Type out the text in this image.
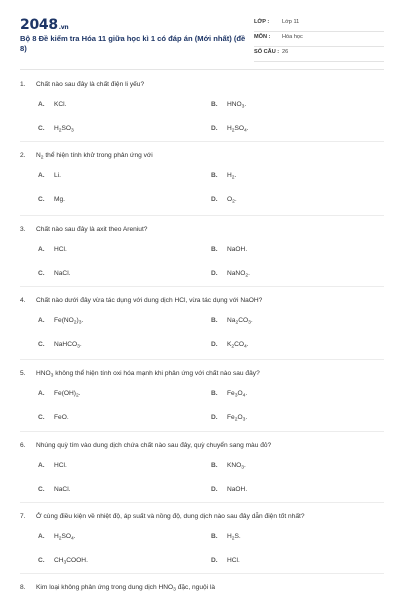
2048.vn
Bộ 8 Đề kiểm tra Hóa 11 giữa học kì 1 có đáp án (Mới nhất) (đề 8)
LỚP : Lớp 11
MÔN : Hóa học
SỐ CÂU : 26
1. Chất nào sau đây là chất điện li yếu?
A. KCl.	B. $HNO_3$.
C. $H_2SO_3$	D. $H_2SO_4$.
2. $N_2$ thể hiện tính khử trong phản ứng với
A. Li.	B. $H_2$.
C. Mg.	D. $O_2$.
3. Chất nào sau đây là axit theo Areniut?
A. HCl.	B. NaOH.
C. NaCl.	D. NaNO$_2$.
4. Chất nào dưới đây vừa tác dụng với dung dịch HCl, vừa tác dụng với NaOH?
A. $Fe(NO_2)_3$.	B. $Na_2CO_3$.
C. NaHCO$_3$.	D. $K_2CO_4$.
5. $HNO_3$ không thể hiện tính oxi hóa mạnh khi phản ứng với chất nào sau đây?
A. $Fe(OH)_2$.	B. $Fe_3O_4$.
C. FeO.	D. $Fe_2O_3$.
6. Nhúng quỳ tím vào dung dịch chứa chất nào sau đây, quỳ chuyển sang màu đỏ?
A. HCl.	B. $KNO_3$.
C. NaCl.	D. NaOH.
7. Ở cùng điều kiện về nhiệt độ, áp suất và nồng độ, dung dịch nào sau đây dẫn điện tốt nhất?
A. $H_2SO_4$.	B. $H_2S$.
C. $CH_3COOH$.	D. HCl.
8. Kim loại không phản ứng trong dung dịch $HNO_3$ đặc, nguội là
